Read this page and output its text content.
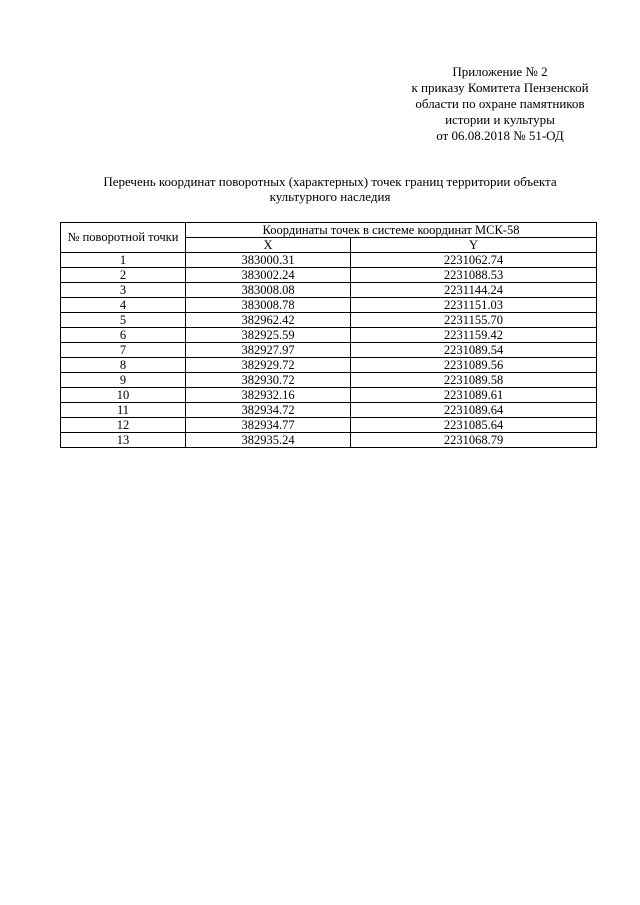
Приложение № 2
к приказу Комитета Пензенской
области по охране памятников
истории и культуры
от 06.08.2018 № 51-ОД
Перечень координат поворотных (характерных) точек границ территории объекта
культурного наследия
№ поворотной точки	Координаты точек в системе координат МСК-58	
	X	Y
1	383000.31	2231062.74
2	383002.24	2231088.53
3	383008.08	2231144.24
4	383008.78	2231151.03
5	382962.42	2231155.70
6	382925.59	2231159.42
7	382927.97	2231089.54
8	382929.72	2231089.56
9	382930.72	2231089.58
10	382932.16	2231089.61
11	382934.72	2231089.64
12	382934.77	2231085.64
13	382935.24	2231068.79
